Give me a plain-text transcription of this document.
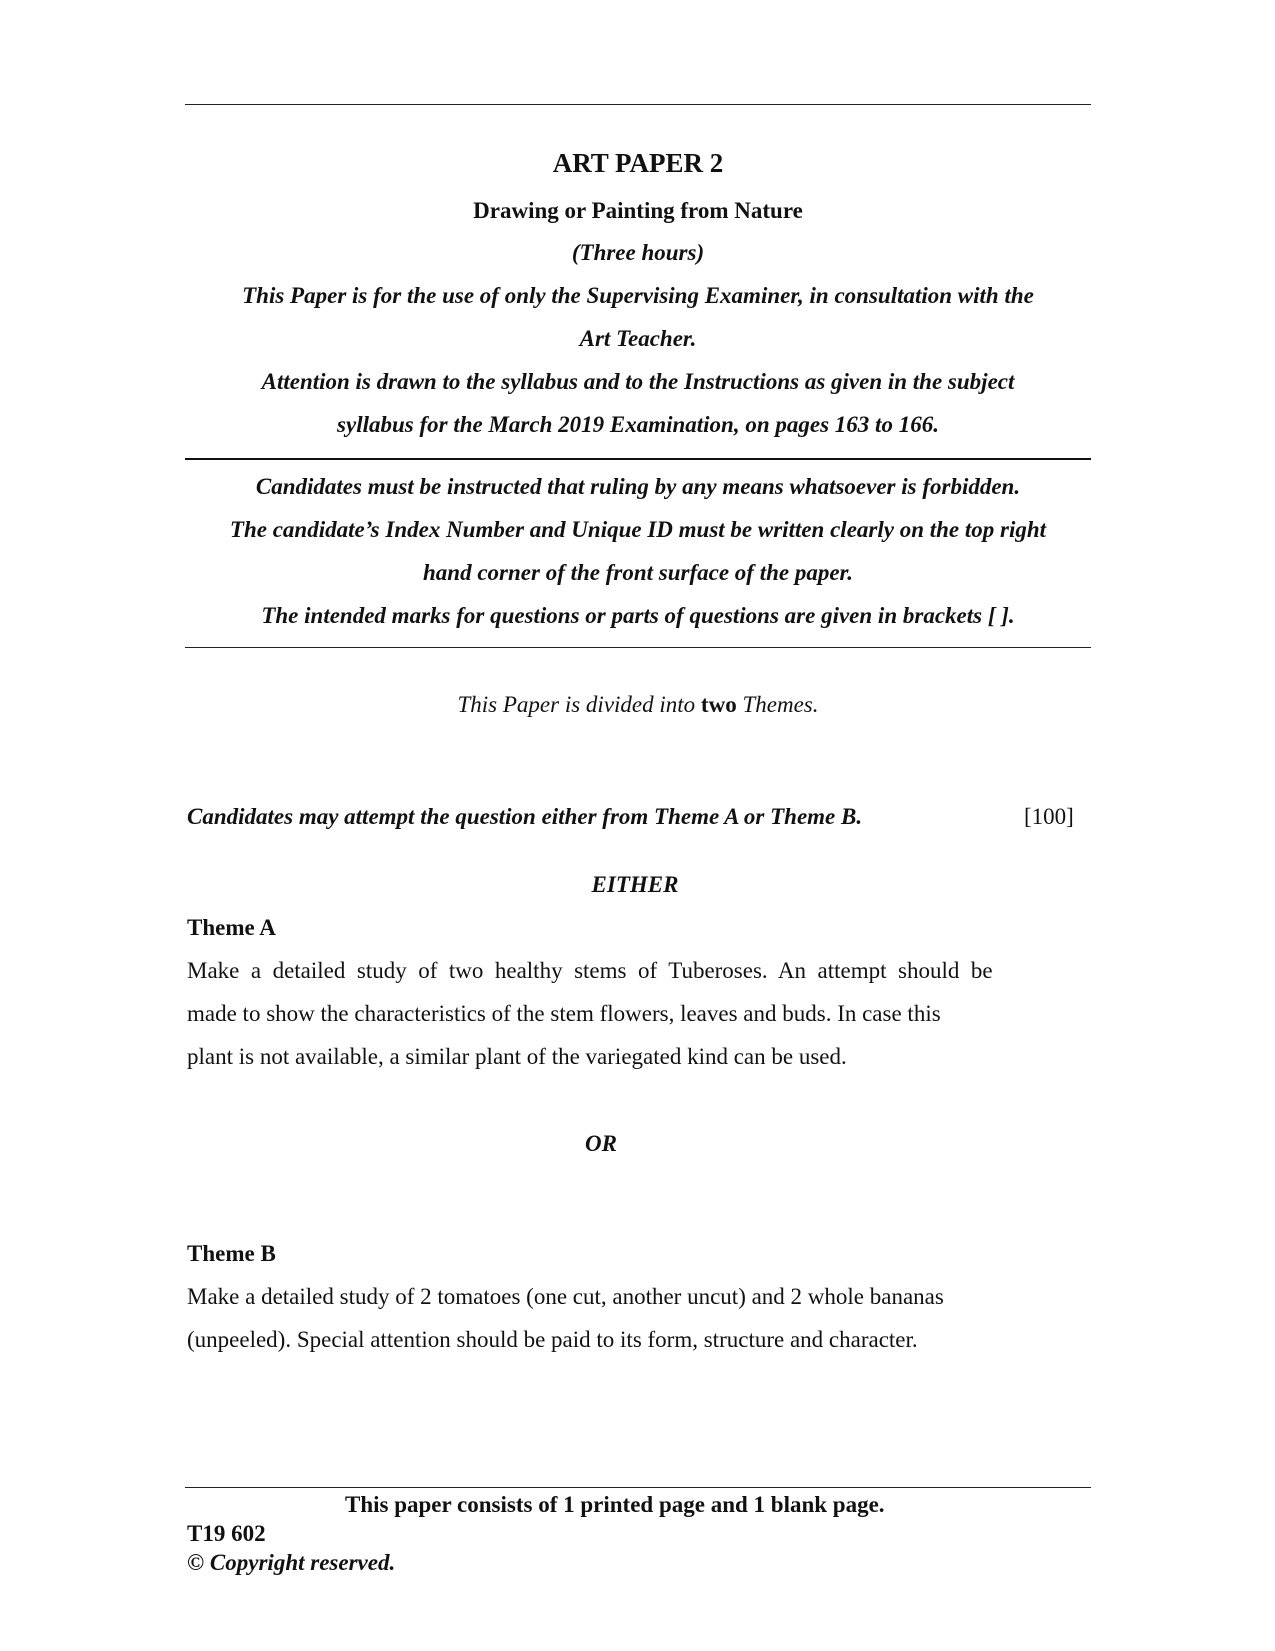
ART PAPER 2
Drawing or Painting from Nature
(Three hours)
This Paper is for the use of only the Supervising Examiner, in consultation with the
Art Teacher.
Attention is drawn to the syllabus and to the Instructions as given in the subject
syllabus for the March 2019 Examination, on pages 163 to 166.
Candidates must be instructed that ruling by any means whatsoever is forbidden.
The candidate’s Index Number and Unique ID must be written clearly on the top right
hand corner of the front surface of the paper.
The intended marks for questions or parts of questions are given in brackets [ ].
This Paper is divided into two Themes.
Candidates may attempt the question either from Theme A or Theme B.	[100]
EITHER
Theme A
Make  a  detailed  study  of  two  healthy  stems  of  Tuberoses.  An  attempt  should  be
made to show the characteristics of the stem flowers, leaves and buds. In case this
plant is not available, a similar plant of the variegated kind can be used.
OR
Theme B
Make a detailed study of 2 tomatoes (one cut, another uncut) and 2 whole bananas
(unpeeled). Special attention should be paid to its form, structure and character.
This paper consists of 1 printed page and 1 blank page.
T19 602
© Copyright reserved.
